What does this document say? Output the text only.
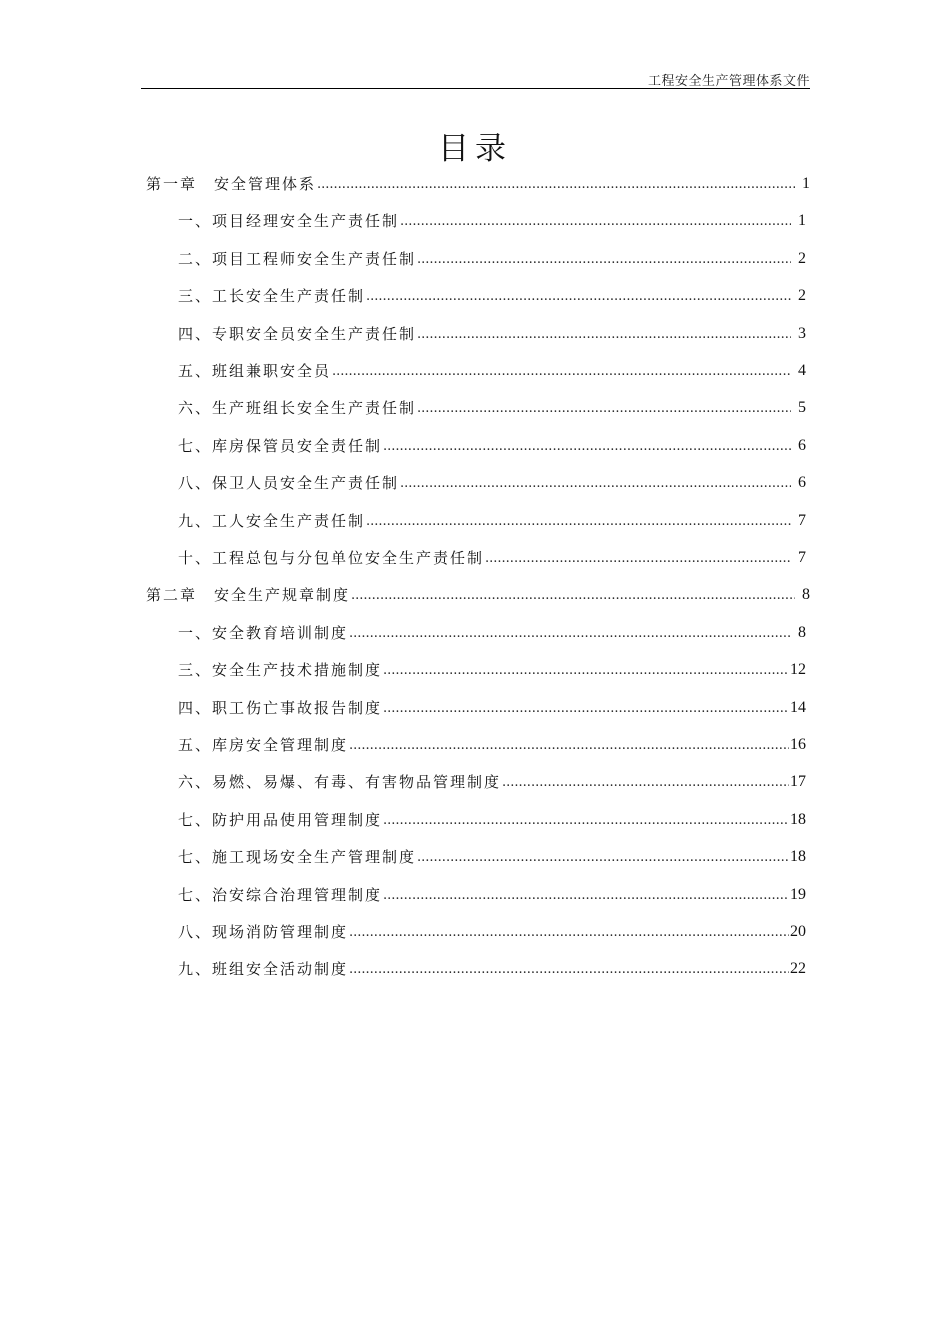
工程安全生产管理体系文件
目录
第一章　安全管理体系 .....	1
一、项目经理安全生产责任制 .....	1
二、项目工程师安全生产责任制 .....	2
三、工长安全生产责任制 .....	2
四、专职安全员安全生产责任制 .....	3
五、班组兼职安全员 .....	4
六、生产班组长安全生产责任制 .....	5
七、库房保管员安全责任制 .....	6
八、保卫人员安全生产责任制 .....	6
九、工人安全生产责任制 .....	7
十、工程总包与分包单位安全生产责任制 .....	7
第二章　安全生产规章制度 .....	8
一、安全教育培训制度 .....	8
三、安全生产技术措施制度 .....	12
四、职工伤亡事故报告制度 .....	14
五、库房安全管理制度 .....	16
六、易燃、易爆、有毒、有害物品管理制度 .....	17
七、防护用品使用管理制度 .....	18
七、施工现场安全生产管理制度 .....	18
七、治安综合治理管理制度 .....	19
八、现场消防管理制度 .....	20
九、班组安全活动制度 .....	22
